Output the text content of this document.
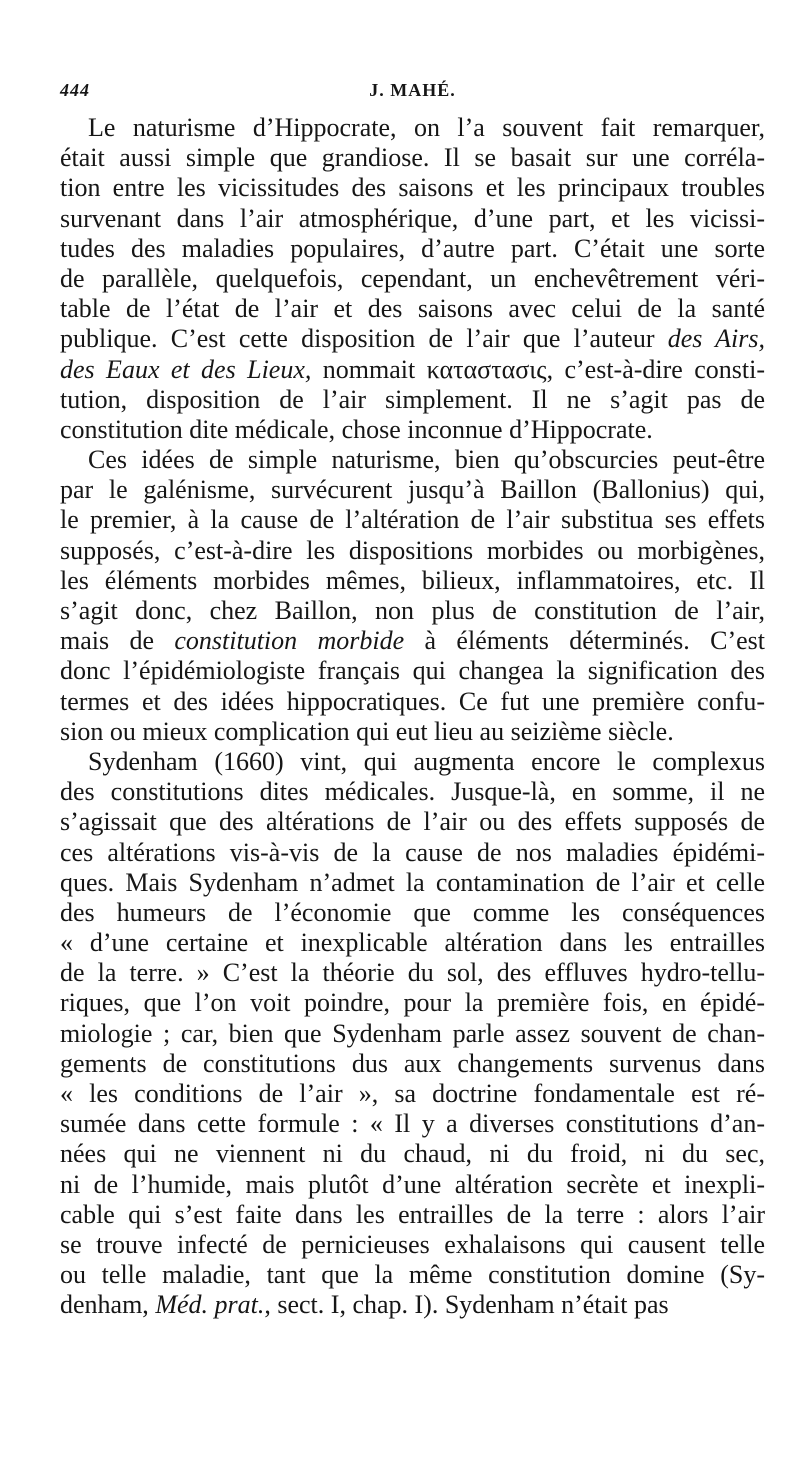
444	J. MAHÉ.
Le naturisme d’Hippocrate, on l’a souvent fait remarquer,
était aussi simple que grandiose. Il se basait sur une corréla-
tion entre les vicissitudes des saisons et les principaux troubles
survenant dans l’air atmosphérique, d’une part, et les vicissi-
tudes des maladies populaires, d’autre part. C’était une sorte
de parallèle, quelquefois, cependant, un enchevêtrement véri-
table de l’état de l’air et des saisons avec celui de la santé
publique. C’est cette disposition de l’air que l’auteur des Airs,
des Eaux et des Lieux, nommait καταστασις, c’est-à-dire consti-
tution, disposition de l’air simplement. Il ne s’agit pas de
constitution dite médicale, chose inconnue d’Hippocrate.
Ces idées de simple naturisme, bien qu’obscurcies peut-être
par le galénisme, survécurent jusqu’à Baillon (Ballonius) qui,
le premier, à la cause de l’altération de l’air substitua ses effets
supposés, c’est-à-dire les dispositions morbides ou morbigènes,
les éléments morbides mêmes, bilieux, inflammatoires, etc. Il
s’agit donc, chez Baillon, non plus de constitution de l’air,
mais de constitution morbide à éléments déterminés. C’est
donc l’épidémiologiste français qui changea la signification des
termes et des idées hippocratiques. Ce fut une première confu-
sion ou mieux complication qui eut lieu au seizième siècle.
Sydenham (1660) vint, qui augmenta encore le complexus
des constitutions dites médicales. Jusque-là, en somme, il ne
s’agissait que des altérations de l’air ou des effets supposés de
ces altérations vis-à-vis de la cause de nos maladies épidémi-
ques. Mais Sydenham n’admet la contamination de l’air et celle
des humeurs de l’économie que comme les conséquences
« d’une certaine et inexplicable altération dans les entrailles
de la terre. » C’est la théorie du sol, des effluves hydro-tellu-
riques, que l’on voit poindre, pour la première fois, en épidé-
miologie ; car, bien que Sydenham parle assez souvent de chan-
gements de constitutions dus aux changements survenus dans
« les conditions de l’air », sa doctrine fondamentale est ré-
sumée dans cette formule : « Il y a diverses constitutions d’an-
nées qui ne viennent ni du chaud, ni du froid, ni du sec,
ni de l’humide, mais plutôt d’une altération secrète et inexpli-
cable qui s’est faite dans les entrailles de la terre : alors l’air
se trouve infecté de pernicieuses exhalaisons qui causent telle
ou telle maladie, tant que la même constitution domine (Sy-
denham, Méd. prat., sect. I, chap. I). Sydenham n’était pas
